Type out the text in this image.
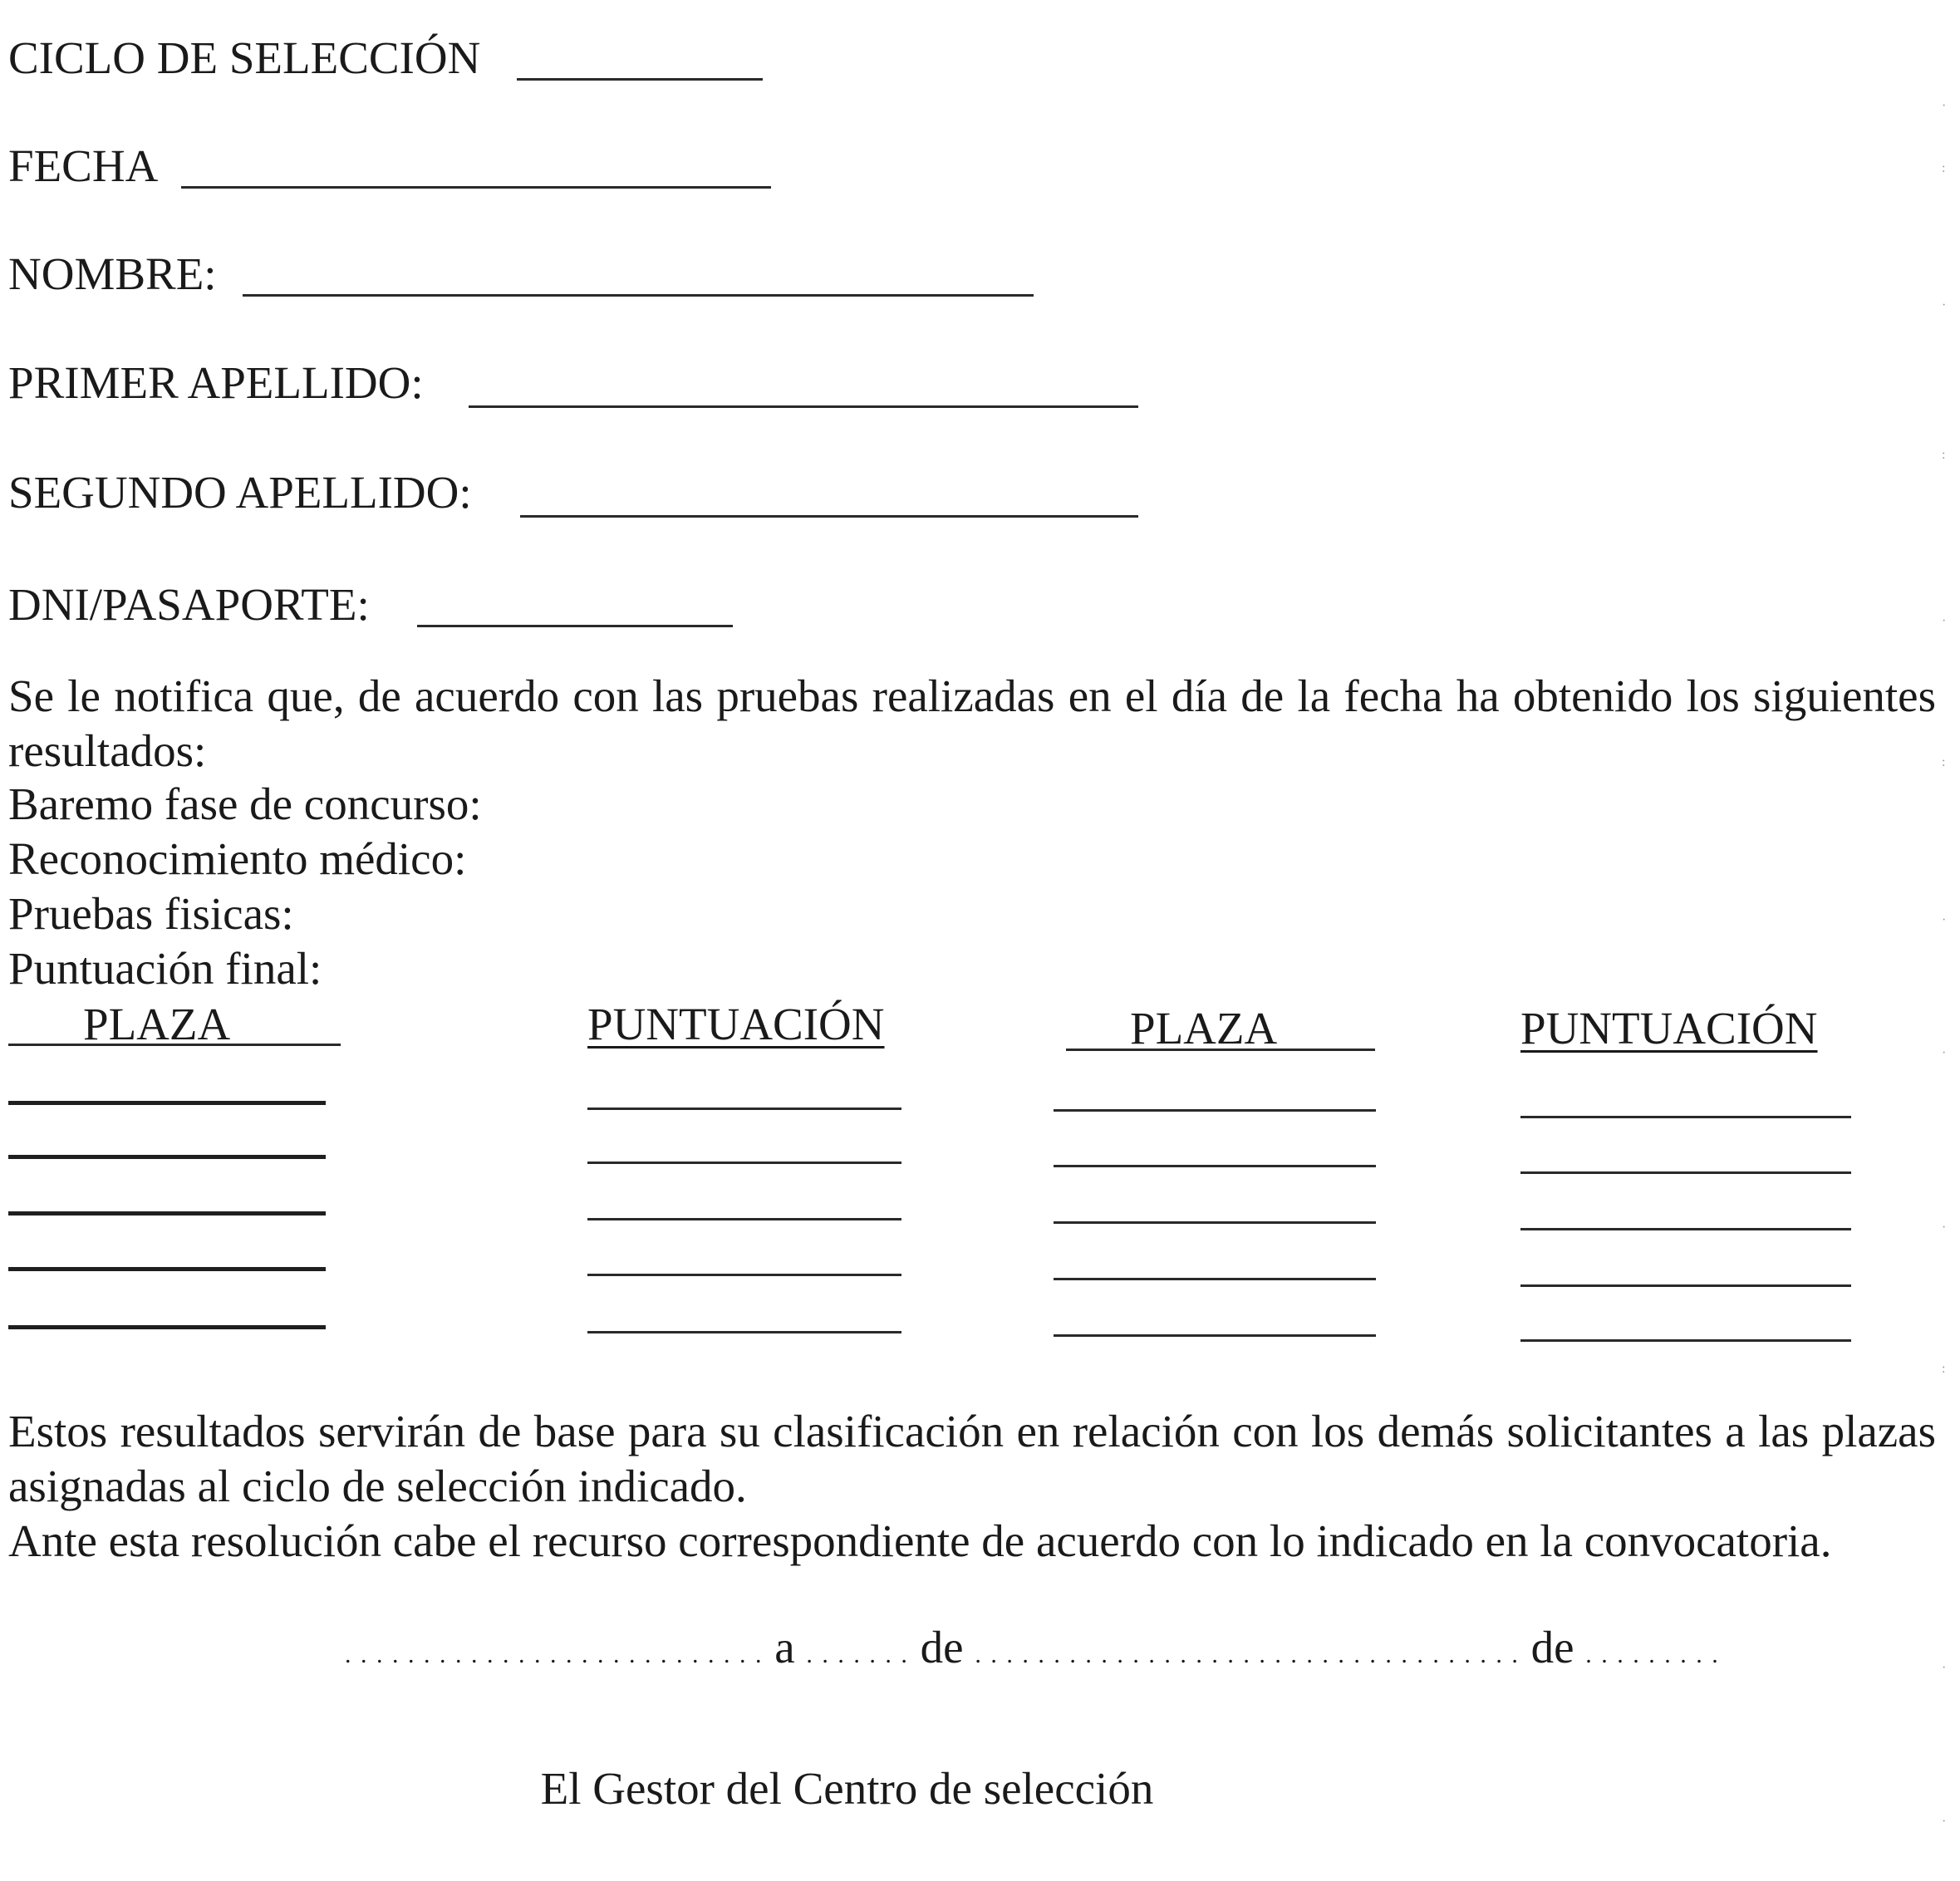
CICLO DE SELECCIÓN
FECHA
NOMBRE:
PRIMER APELLIDO:
SEGUNDO APELLIDO:
DNI/PASAPORTE:
Se le notifica que, de acuerdo con las pruebas realizadas en el día de la fecha ha obtenido los siguientes resultados:
Baremo fase de concurso:
Reconocimiento médico:
Pruebas fisicas:
Puntuación final:
PLAZA	PUNTUACIÓN	PLAZA	PUNTUACIÓN
Estos resultados servirán de base para su clasificación en relación con los demás solicitantes a las plazas asignadas al ciclo de selección indicado.
Ante esta resolución cabe el recurso correspondiente de acuerdo con lo indicado en la convocatoria.
. . . . . . . . . . . . . . . . . . . . . . . . . . . a . . . . . . . de . . . . . . . . . . . . . . . . . . . . . . . . . . . . . . . . . . . de . . . . . . . . .
El Gestor del Centro de selección
·
:
·
:
·
:
·
·
·
:
·
·
